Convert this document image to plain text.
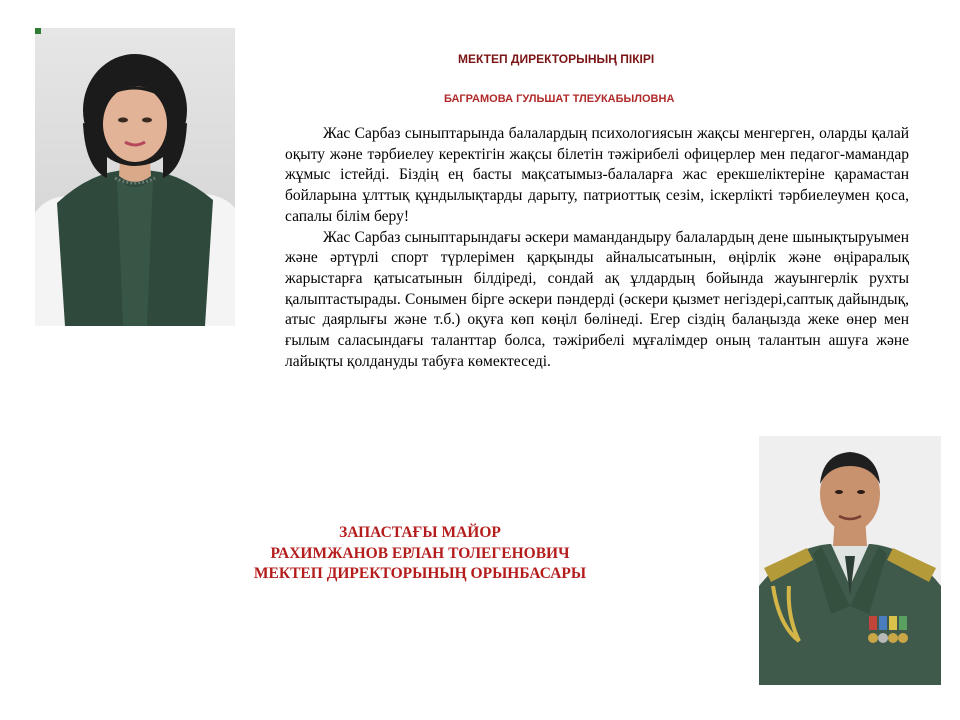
МЕКТЕП ДИРЕКТОРЫНЫҢ ПІКІРІ
БАГРАМОВА ГУЛЬШАТ ТЛЕУКАБЫЛОВНА

Жас Сарбаз сыныптарында балалардың психологиясын жақсы менгерген, оларды қалай оқыту және тәрбиелеу керектігін жақсы білетін тәжірибелі офицерлер мен педагог-мамандар жұмыс істейді. Біздің ең басты мақсатымыз-балаларға жас ерекшеліктеріне қарамастан бойларына ұлттық құндылықтарды дарыту, патриоттық сезім, іскерлікті тәрбиелеумен қоса, сапалы білім беру!

Жас Сарбаз сыныптарындағы әскери мамандандыру балалардың дене шынықтыруымен және әртүрлі спорт түрлерімен қарқынды айналысатынын, өңірлік және өңіраралық жарыстарға қатысатынын білдіреді, сондай ақ ұлдардың бойында жауынгерлік рухты қалыптастырады. Сонымен бірге әскери пәндерді (әскери қызмет негіздері,саптық дайындық, атыс даярлығы және т.б.) оқуға көп көңіл бөлінеді. Егер сіздің балаңызда жеке өнер мен ғылым саласындағы таланттар болса, тәжірибелі мұғалімдер оның талантын ашуға және лайықты қолдануды табуға көмектеседі.

ЗАПАСТАҒЫ МАЙОР
РАХИМЖАНОВ ЕРЛАН ТОЛЕГЕНОВИЧ
МЕКТЕП ДИРЕКТОРЫНЫҢ ОРЫНБАСАРЫ
